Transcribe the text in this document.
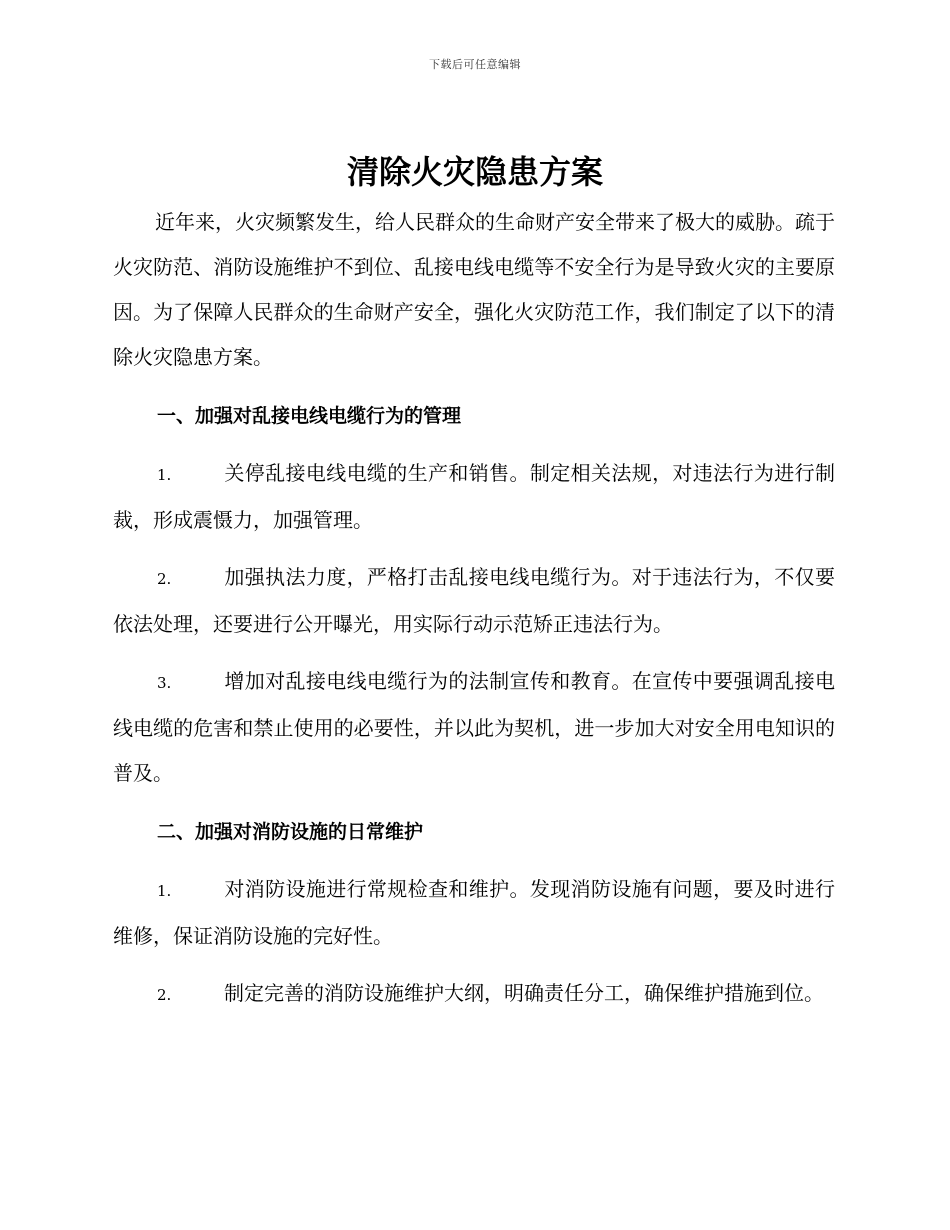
下载后可任意编辑
清除火灾隐患方案

近年来，火灾频繁发生，给人民群众的生命财产安全带来了极大的威胁。疏于火灾防范、消防设施维护不到位、乱接电线电缆等不安全行为是导致火灾的主要原因。为了保障人民群众的生命财产安全，强化火灾防范工作，我们制定了以下的清除火灾隐患方案。

一、加强对乱接电线电缆行为的管理

1.	关停乱接电线电缆的生产和销售。制定相关法规，对违法行为进行制裁，形成震慑力，加强管理。

2.	加强执法力度，严格打击乱接电线电缆行为。对于违法行为，不仅要依法处理，还要进行公开曝光，用实际行动示范矫正违法行为。

3.	增加对乱接电线电缆行为的法制宣传和教育。在宣传中要强调乱接电线电缆的危害和禁止使用的必要性，并以此为契机，进一步加大对安全用电知识的普及。

二、加强对消防设施的日常维护

1.	对消防设施进行常规检查和维护。发现消防设施有问题，要及时进行维修，保证消防设施的完好性。

2.	制定完善的消防设施维护大纲，明确责任分工，确保维护措施到位。
